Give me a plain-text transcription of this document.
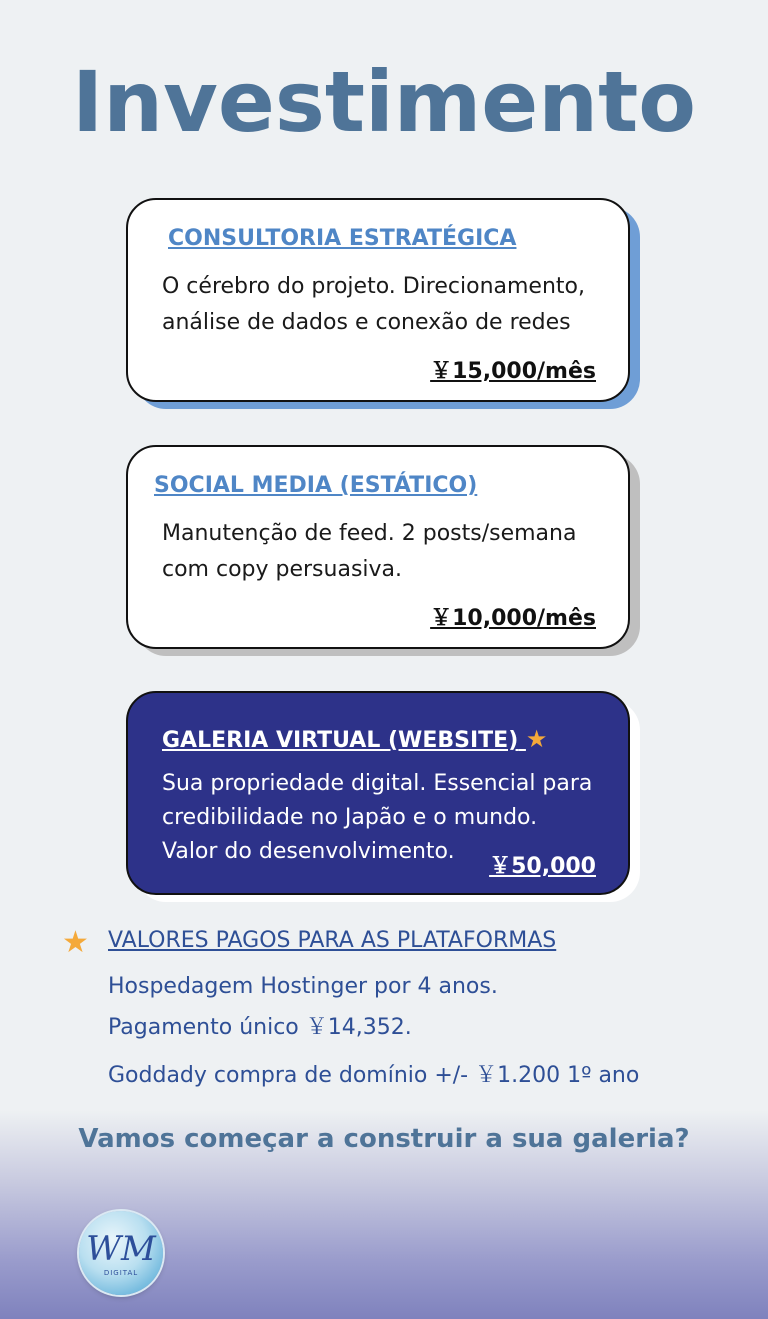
Investimento
CONSULTORIA ESTRATÉGICA
O cérebro do projeto. Direcionamento,
análise de dados e conexão de redes
￥15,000/mês
SOCIAL MEDIA (ESTÁTICO)
Manutenção de feed. 2 posts/semana
com copy persuasiva.
￥10,000/mês
GALERIA VIRTUAL (WEBSITE) ★
Sua propriedade digital. Essencial para
credibilidade no Japão e o mundo.
Valor do desenvolvimento.
￥50,000
★ VALORES PAGOS PARA AS PLATAFORMAS
Hospedagem Hostinger por 4 anos.
Pagamento único ￥14,352.
Goddady compra de domínio +/- ￥1.200 1º ano
Vamos começar a construir a sua galeria?
WM
DIGITAL
